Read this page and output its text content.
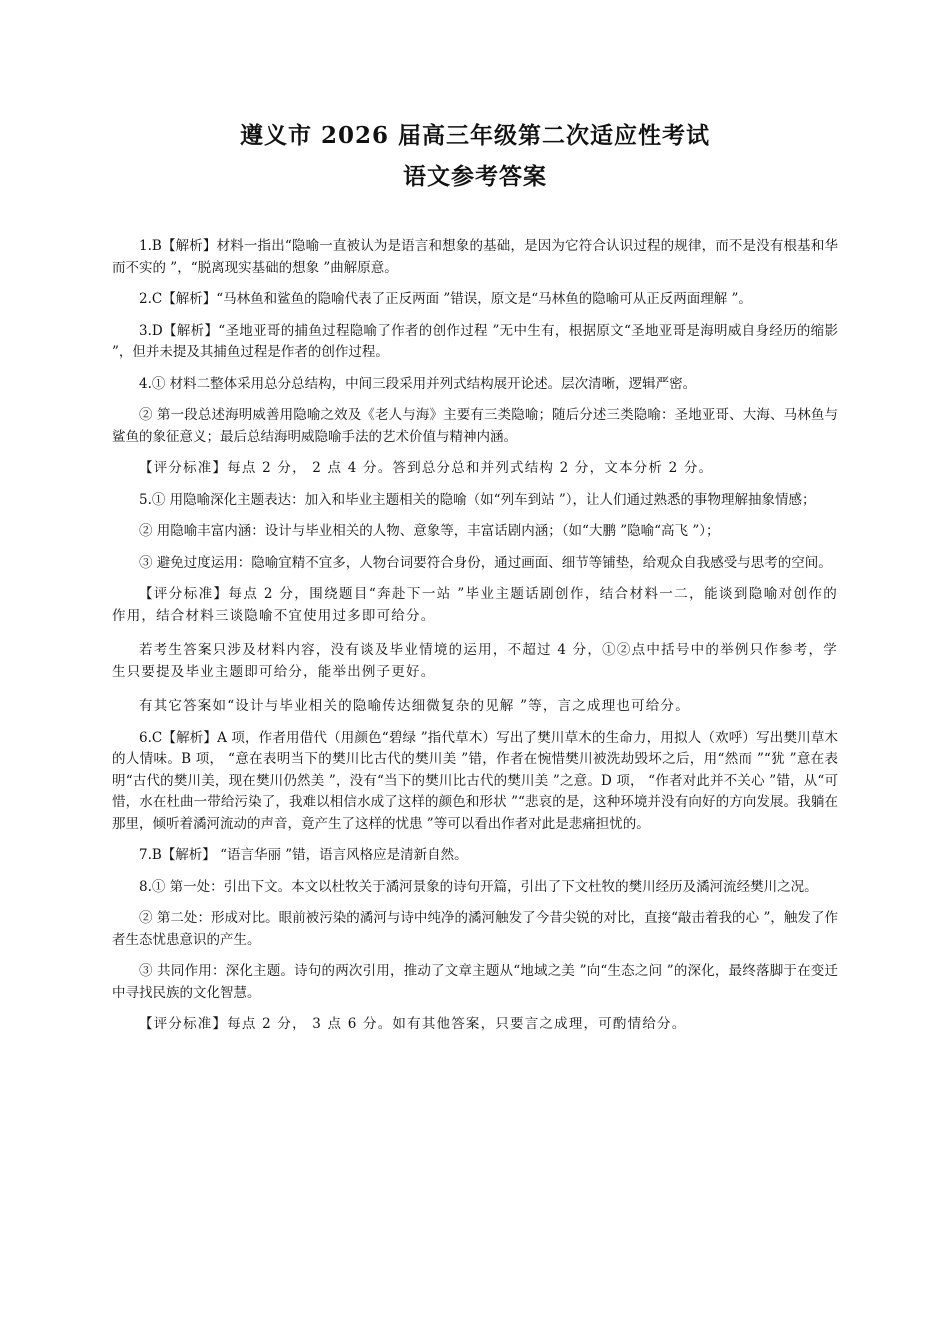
遵义市 2026 届高三年级第二次适应性考试
语文参考答案

1.B【解析】材料一指出“隐喻一直被认为是语言和想象的基础，是因为它符合认识过程的规律，而不是没有根基和华而不实的 ”，“脱离现实基础的想象 ”曲解原意。

2.C【解析】“马林鱼和鲨鱼的隐喻代表了正反两面 ”错误，原文是“马林鱼的隐喻可从正反两面理解 ”。

3.D【解析】“圣地亚哥的捕鱼过程隐喻了作者的创作过程 ”无中生有，根据原文“圣地亚哥是海明威自身经历的缩影 ”，但并未提及其捕鱼过程是作者的创作过程。

4.① 材料二整体采用总分总结构，中间三段采用并列式结构展开论述。层次清晰，逻辑严密。

② 第一段总述海明威善用隐喻之效及《老人与海》主要有三类隐喻；随后分述三类隐喻：圣地亚哥、大海、马林鱼与鲨鱼的象征意义；最后总结海明威隐喻手法的艺术价值与精神内涵。

【评分标准】每点 2 分， 2 点 4 分。答到总分总和并列式结构 2 分，文本分析 2 分。

5.① 用隐喻深化主题表达：加入和毕业主题相关的隐喻（如“列车到站 ”），让人们通过熟悉的事物理解抽象情感；

② 用隐喻丰富内涵：设计与毕业相关的人物、意象等，丰富话剧内涵；（如“大鹏 ”隐喻“高飞 ”）；

③ 避免过度运用：隐喻宜精不宜多，人物台词要符合身份，通过画面、细节等铺垫，给观众自我感受与思考的空间。

【评分标准】每点 2 分，围绕题目“奔赴下一站 ”毕业主题话剧创作，结合材料一二，能谈到隐喻对创作的作用，结合材料三谈隐喻不宜使用过多即可给分。

若考生答案只涉及材料内容，没有谈及毕业情境的运用，不超过 4 分，①②点中括号中的举例只作参考，学生只要提及毕业主题即可给分，能举出例子更好。

有其它答案如“设计与毕业相关的隐喻传达细微复杂的见解 ”等，言之成理也可给分。

6.C【解析】A 项，作者用借代（用颜色“碧绿 ”指代草木）写出了樊川草木的生命力，用拟人（欢呼）写出樊川草木的人情味。B 项， “意在表明当下的樊川比古代的樊川美 ”错，作者在惋惜樊川被洗劫毁坏之后，用“然而 ”“犹 ”意在表明“古代的樊川美，现在樊川仍然美 ”，没有“当下的樊川比古代的樊川美 ”之意。D 项， “作者对此并不关心 ”错，从“可惜，水在杜曲一带给污染了，我难以相信水成了这样的颜色和形状 ”“悲哀的是，这种环境并没有向好的方向发展。我躺在那里，倾听着潏河流动的声音，竟产生了这样的忧患 ”等可以看出作者对此是悲痛担忧的。

7.B【解析】 “语言华丽 ”错，语言风格应是清新自然。

8.① 第一处：引出下文。本文以杜牧关于潏河景象的诗句开篇，引出了下文杜牧的樊川经历及潏河流经樊川之况。

② 第二处：形成对比。眼前被污染的潏河与诗中纯净的潏河触发了今昔尖锐的对比，直接“敲击着我的心 ”，触发了作者生态忧患意识的产生。

③ 共同作用：深化主题。诗句的两次引用，推动了文章主题从“地域之美 ”向“生态之问 ”的深化，最终落脚于在变迁中寻找民族的文化智慧。

【评分标准】每点 2 分， 3 点 6 分。如有其他答案，只要言之成理，可酌情给分。
